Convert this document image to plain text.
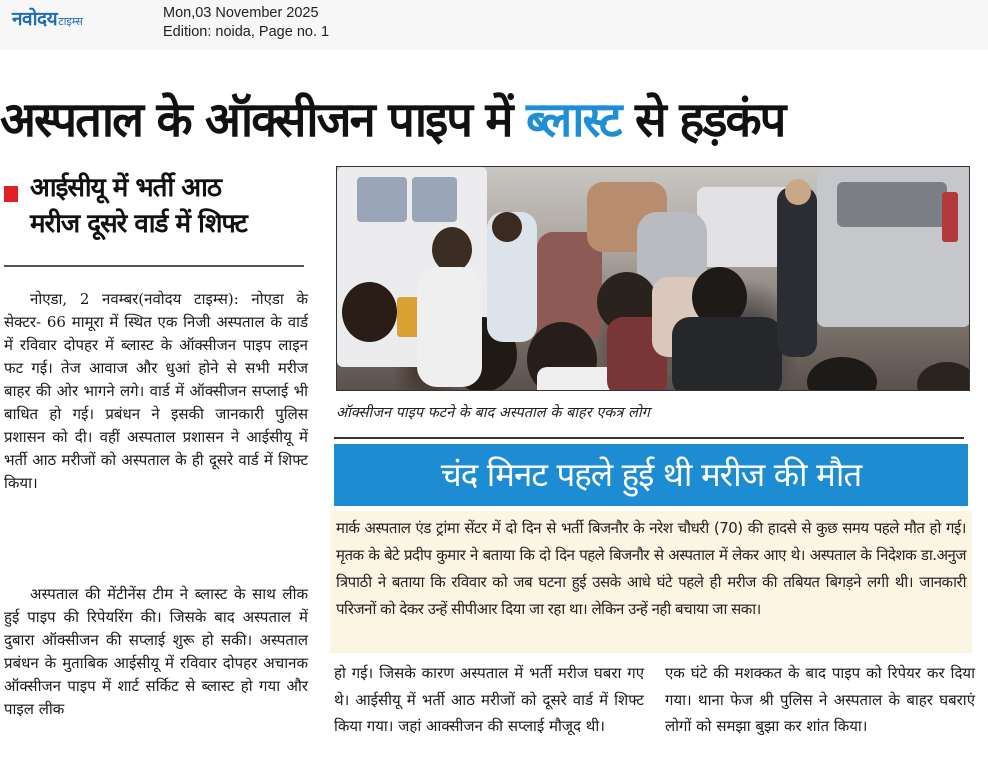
नवोदय टाइम्स
Mon,03 November 2025
Edition: noida, Page no. 1
अस्पताल के ऑक्सीजन पाइप में ब्लास्ट से हड़कंप
आईसीयू में भर्ती आठ
मरीज दूसरे वार्ड में शिफ्ट

नोएडा, 2 नवम्बर(नवोदय टाइम्स): नोएडा के सेक्टर- 66 मामूरा में स्थित एक निजी अस्पताल के वार्ड में रविवार दोपहर में ब्लास्ट के ऑक्सीजन पाइप लाइन फट गई। तेज आवाज और धुआं होने से सभी मरीज बाहर की ओर भागने लगे। वार्ड में ऑक्सीजन सप्लाई भी बाधित हो गई। प्रबंधन ने इसकी जानकारी पुलिस प्रशासन को दी। वहीं अस्पताल प्रशासन ने आईसीयू में भर्ती आठ मरीजों को अस्पताल के ही दूसरे वार्ड में शिफ्ट किया।

अस्पताल की मेंटीनेंस टीम ने ब्लास्ट के साथ लीक हुई पाइप की रिपेयरिंग की। जिसके बाद अस्पताल में दुबारा ऑक्सीजन की सप्लाई शुरू हो सकी। अस्पताल प्रबंधन के मुताबिक आईसीयू में रविवार दोपहर अचानक ऑक्सीजन पाइप में शार्ट सर्किट से ब्लास्ट हो गया और पाइल लीक

ऑक्सीजन पाइप फटने के बाद अस्पताल के बाहर एकत्र लोग
चंद मिनट पहले हुई थी मरीज की मौत

मार्क अस्पताल एंड ट्रांमा सेंटर में दो दिन से भर्ती बिजनौर के नरेश चौधरी (70) की हादसे से कुछ समय पहले मौत हो गई। मृतक के बेटे प्रदीप कुमार ने बताया कि दो दिन पहले बिजनौर से अस्पताल में लेकर आए थे। अस्पताल के निदेशक डा.अनुज त्रिपाठी ने बताया कि रविवार को जब घटना हुई उसके आधे घंटे पहले ही मरीज की तबियत बिगड़ने लगी थी। जानकारी परिजनों को देकर उन्हें सीपीआर दिया जा रहा था। लेकिन उन्हें नही बचाया जा सका।

हो गई। जिसके कारण अस्पताल में भर्ती मरीज घबरा गए थे। आईसीयू में भर्ती आठ मरीजों को दूसरे वार्ड में शिफ्ट किया गया। जहां आक्सीजन की सप्लाई मौजूद थी।

एक घंटे की मशक्कत के बाद पाइप को रिपेयर कर दिया गया। थाना फेज श्री पुलिस ने अस्पताल के बाहर घबराएं लोगों को समझा बुझा कर शांत किया।
